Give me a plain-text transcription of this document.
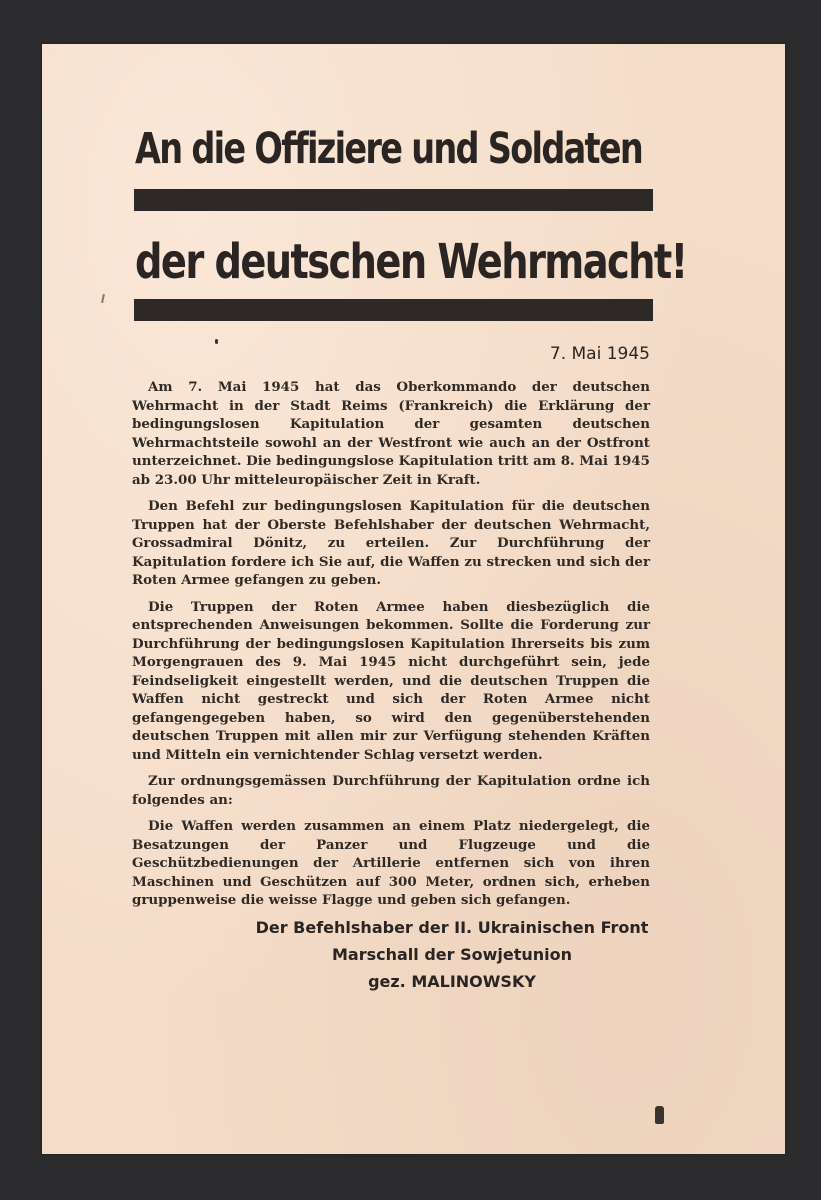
An die Offiziere und Soldaten
der deutschen Wehrmacht!
7. Mai 1945

Am 7. Mai 1945 hat das Oberkommando der deutschen Wehrmacht in der Stadt Reims (Frankreich) die Erklärung der bedingungslosen Kapitulation der gesamten deutschen Wehrmachtsteile sowohl an der Westfront wie auch an der Ostfront unterzeichnet. Die bedingungslose Kapitulation tritt am 8. Mai 1945 ab 23.00 Uhr mitteleuropäischer Zeit in Kraft.

Den Befehl zur bedingungslosen Kapitulation für die deutschen Truppen hat der Oberste Befehlshaber der deutschen Wehrmacht, Grossadmiral Dönitz, zu erteilen. Zur Durchführung der Kapitulation fordere ich Sie auf, die Waffen zu strecken und sich der Roten Armee gefangen zu geben.

Die Truppen der Roten Armee haben diesbezüglich die entsprechenden Anweisungen bekommen. Sollte die Forderung zur Durchführung der bedingungslosen Kapitulation Ihrerseits bis zum Morgengrauen des 9. Mai 1945 nicht durchgeführt sein, jede Feindseligkeit eingestellt werden, und die deutschen Truppen die Waffen nicht gestreckt und sich der Roten Armee nicht gefangengegeben haben, so wird den gegenüberstehenden deutschen Truppen mit allen mir zur Verfügung stehenden Kräften und Mitteln ein vernichtender Schlag versetzt werden.

Zur ordnungsgemässen Durchführung der Kapitulation ordne ich folgendes an:

Die Waffen werden zusammen an einem Platz niedergelegt, die Besatzungen der Panzer und Flugzeuge und die Geschützbedienungen der Artillerie entfernen sich von ihren Maschinen und Geschützen auf 300 Meter, ordnen sich, erheben gruppenweise die weisse Flagge und geben sich gefangen.

Der Befehlshaber der II. Ukrainischen Front
Marschall der Sowjetunion
gez. MALINOWSKY
